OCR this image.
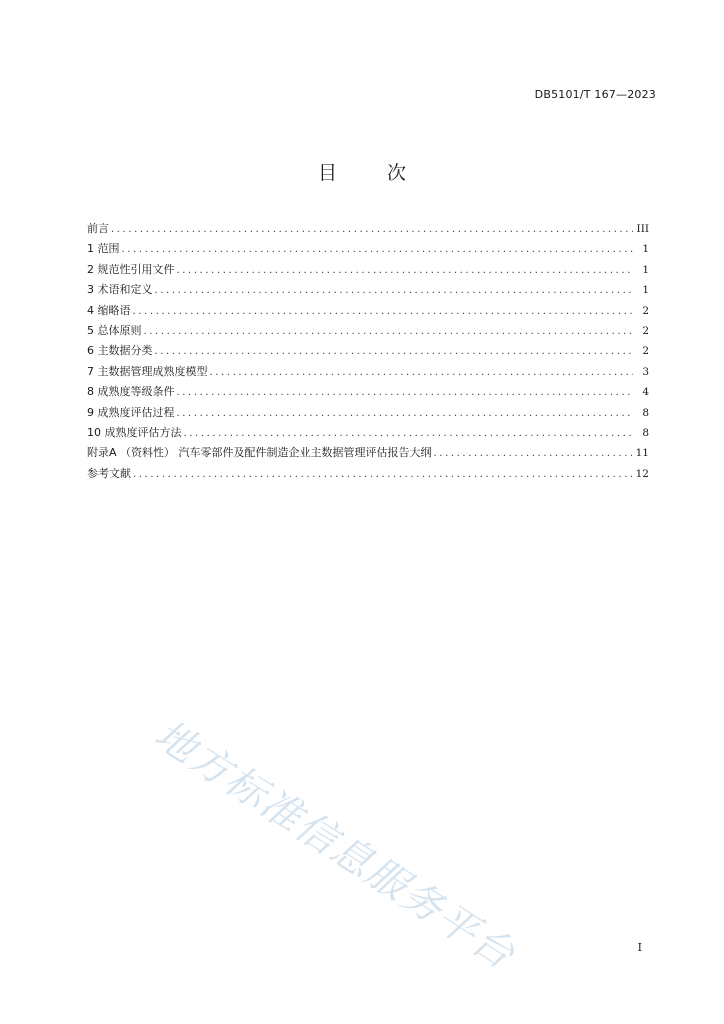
DB5101/T 167—2023
目 次
前言 .....	III
1 范围 .....	1
2 规范性引用文件 .....	1
3 术语和定义 .....	1
4 缩略语 .....	2
5 总体原则 .....	2
6 主数据分类 .....	2
7 主数据管理成熟度模型 .....	3
8 成熟度等级条件 .....	4
9 成熟度评估过程 .....	8
10 成熟度评估方法 .....	8
附录A （资料性） 汽车零部件及配件制造企业主数据管理评估报告大纲 .....	11
参考文献 .....	12
地方标准信息服务平台	I
